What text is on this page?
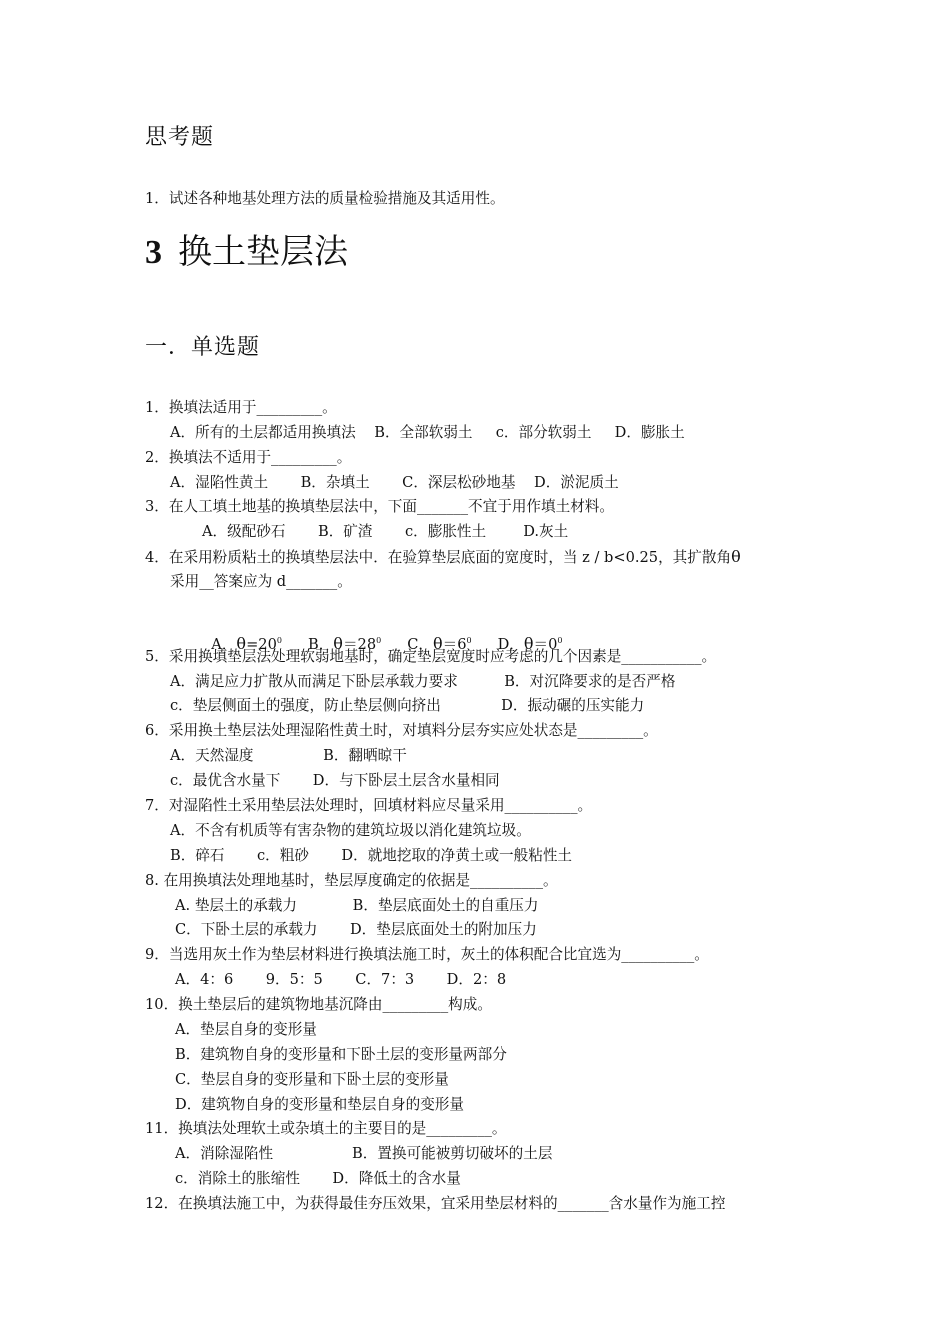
思考题
1．试述各种地基处理方法的质量检验措施及其适用性。
3 换土垫层法
一．单选题
1．换填法适用于_________。
A．所有的土层都适用换填法    B．全部软弱土     c．部分软弱土     D．膨胀土
2．换填法不适用于_________。
A．湿陷性黄土       B．杂填土       C．深层松砂地基    D．淤泥质土
3．在人工填土地基的换填垫层法中，下面_______不宜于用作填土材料。
A．级配砂石       B．矿渣       c．膨胀性土        D.灰土
4．在采用粉质粘土的换填垫层法中．在验算垫层底面的宽度时，当 z / b<0.25，其扩散角θ
采用__答案应为 d_______。

A．$\theta=20^0$ B．$\theta=28^0$ C．$\theta=6^0$ D．$\theta=0^0$

5．采用换填垫层法处理软弱地基时，确定垫层宽度时应考虑的几个因素是___________。
A．满足应力扩散从而满足下卧层承载力要求          B．对沉降要求的是否严格
c．垫层侧面土的强度，防止垫层侧向挤出             D．振动碾的压实能力
6．采用换土垫层法处理湿陷性黄土时，对填料分层夯实应处状态是_________。
A．天然湿度               B．翻晒晾干
c．最优含水量下       D．与下卧层土层含水量相同
7．对湿陷性土采用垫层法处理时，回填材料应尽量采用__________。
A．不含有机质等有害杂物的建筑垃圾以消化建筑垃圾。
B．碎石       c．粗砂       D．就地挖取的净黄土或一般粘性土
8. 在用换填法处理地基时，垫层厚度确定的依据是__________。
A. 垫层土的承载力            B．垫层底面处土的自重压力
C．下卧土层的承载力       D．垫层底面处土的附加压力
9．当选用灰土作为垫层材料进行换填法施工时，灰土的体积配合比宜选为__________。
A．4：6       9．5：5       C．7：3       D．2：8
10．换土垫层后的建筑物地基沉降由_________构成。
A．垫层自身的变形量
B．建筑物自身的变形量和下卧土层的变形量两部分
C．垫层自身的变形量和下卧土层的变形量
D．建筑物自身的变形量和垫层自身的变形量
11．换填法处理软土或杂填土的主要目的是_________。
A．消除湿陷性                 B．置换可能被剪切破坏的土层
c．消除土的胀缩性       D．降低土的含水量
12．在换填法施工中，为获得最佳夯压效果，宜采用垫层材料的_______含水量作为施工控
